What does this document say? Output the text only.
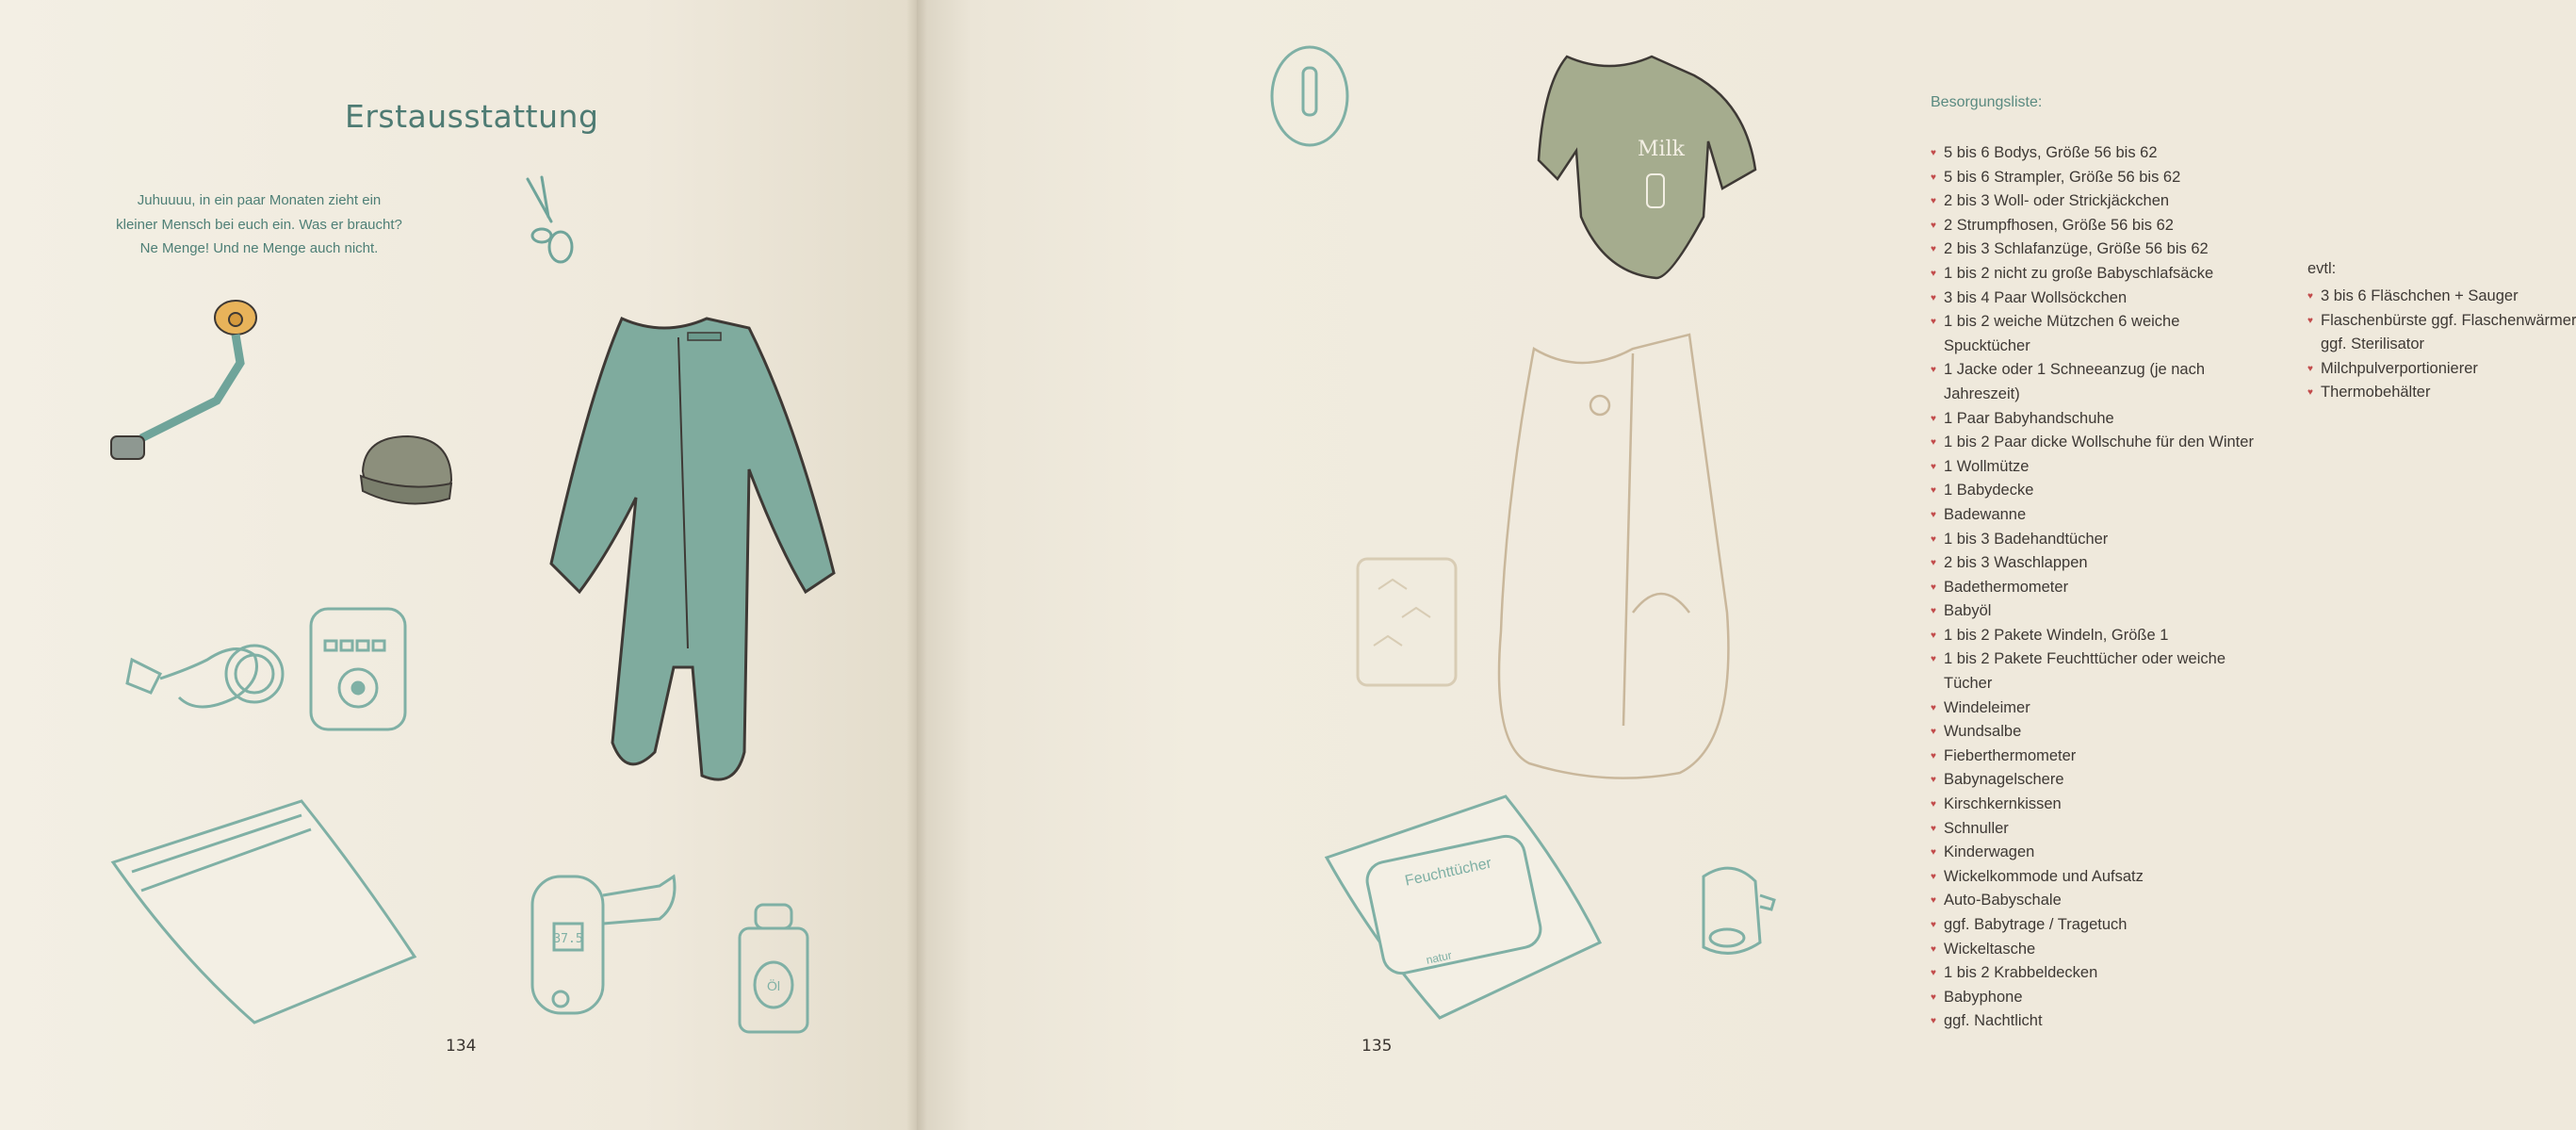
Erstausstattung
Juhuuuu, in ein paar Monaten zieht ein
kleiner Mensch bei euch ein. Was er braucht?
Ne Menge! Und ne Menge auch nicht.
37.5
Öl
134
Milk
Besorgungsliste:
♥ 5 bis 6 Bodys, Größe 56 bis 62
♥ 5 bis 6 Strampler, Größe 56 bis 62
♥ 2 bis 3 Woll- oder Strickjäckchen
♥ 2 Strumpfhosen, Größe 56 bis 62
♥ 2 bis 3 Schlafanzüge, Größe 56 bis 62
♥ 1 bis 2 nicht zu große Babyschlafsäcke
♥ 3 bis 4 Paar Wollsöckchen
♥ 1 bis 2 weiche Mützchen 6 weiche
Spucktücher
♥ 1 Jacke oder 1 Schneeanzug (je nach
Jahreszeit)
♥ 1 Paar Babyhandschuhe
♥ 1 bis 2 Paar dicke Wollschuhe für den Winter
♥ 1 Wollmütze
♥ 1 Babydecke
♥ Badewanne
♥ 1 bis 3 Badehandtücher
♥ 2 bis 3 Waschlappen
♥ Badethermometer
♥ Babyöl
♥ 1 bis 2 Pakete Windeln, Größe 1
♥ 1 bis 2 Pakete Feuchttücher oder weiche
Tücher
♥ Windeleimer
♥ Wundsalbe
♥ Fieberthermometer
♥ Babynagelschere
♥ Kirschkernkissen
♥ Schnuller
♥ Kinderwagen
♥ Wickelkommode und Aufsatz
♥ Auto-Babyschale
♥ ggf. Babytrage / Tragetuch
♥ Wickeltasche
♥ 1 bis 2 Krabbeldecken
♥ Babyphone
♥ ggf. Nachtlicht
evtl:
♥ 3 bis 6 Fläschchen + Sauger
♥ Flaschenbürste ggf. Flaschenwärmer
ggf. Sterilisator
♥ Milchpulverportionierer
♥ Thermobehälter
Feuchttücher
natur
135
